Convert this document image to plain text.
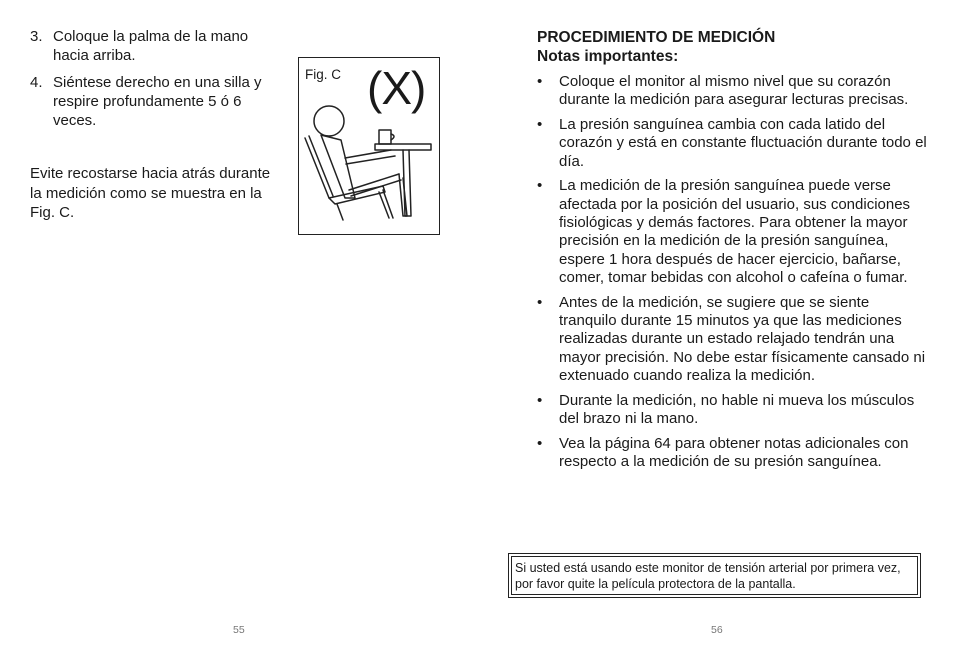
3. Coloque la palma de la mano hacia arriba.
4. Siéntese derecho en una silla y respire profundamente 5 ó 6 veces.

Evite recostarse hacia atrás durante la medición como se muestra en la Fig. C.

Fig. C (X)
55
PROCEDIMIENTO DE MEDICIÓN
Notas importantes:
• Coloque el monitor al mismo nivel que su corazón durante la medición para asegurar lecturas precisas.
• La presión sanguínea cambia con cada latido del corazón y está en constante fluctuación durante todo el día.
• La medición de la presión sanguínea puede verse afectada por la posición del usuario, sus condiciones fisiológicas y demás factores. Para obtener la mayor precisión en la medición de la presión sanguínea, espere 1 hora después de hacer ejercicio, bañarse, comer, tomar bebidas con alcohol o cafeína o fumar.
• Antes de la medición, se sugiere que se siente tranquilo durante 15 minutos ya que las mediciones realizadas durante un estado relajado tendrán una mayor precisión. No debe estar físicamente cansado ni extenuado cuando realiza la medición.
• Durante la medición, no hable ni mueva los músculos del brazo ni la mano.
• Vea la página 64 para obtener notas adicionales con respecto a la medición de su presión sanguínea.
Si usted está usando este monitor de tensión arterial por primera vez, por favor quite la película protectora de la pantalla.
56
